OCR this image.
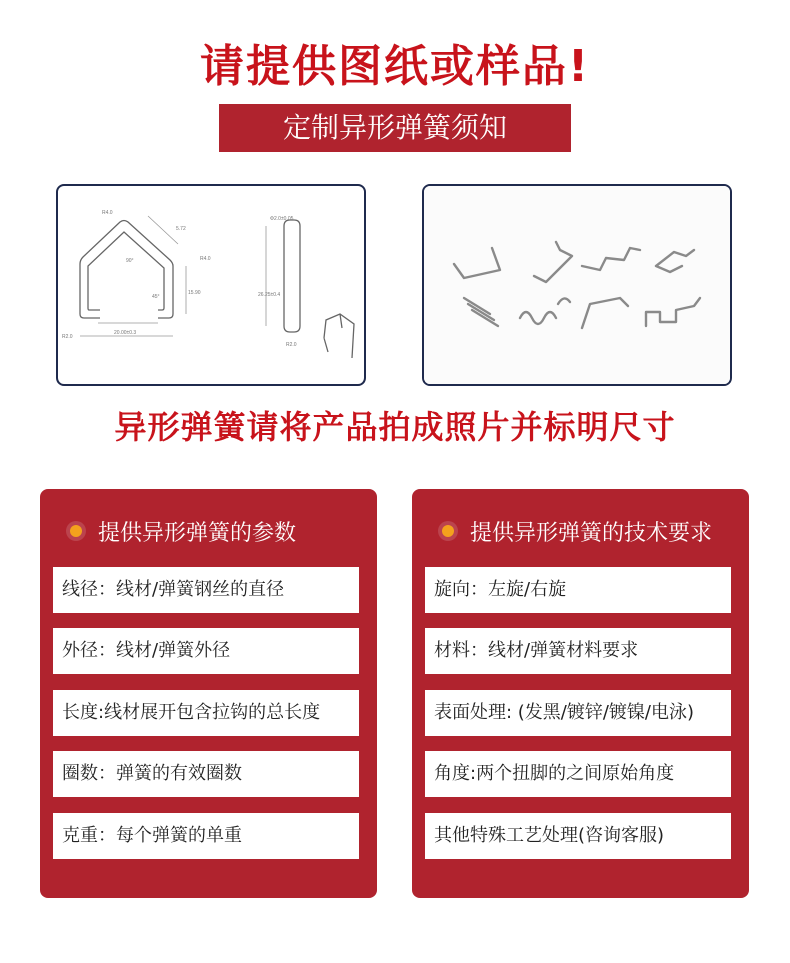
请提供图纸或样品!
定制异形弹簧须知
R4.0
5.72
90°	R4.0
15.90
45°
R2.0
20.00±0.3
Φ2.0±0.05
26.25±0.4
R2.0
异形弹簧请将产品拍成照片并标明尺寸
提供异形弹簧的参数
线径：线材/弹簧钢丝的直径
外径：线材/弹簧外径
长度:线材展开包含拉钩的总长度
圈数：弹簧的有效圈数
克重：每个弹簧的单重
提供异形弹簧的技术要求
旋向：左旋/右旋
材料：线材/弹簧材料要求
表面处理: (发黑/镀锌/镀镍/电泳)
角度:两个扭脚的之间原始角度
其他特殊工艺处理(咨询客服)
